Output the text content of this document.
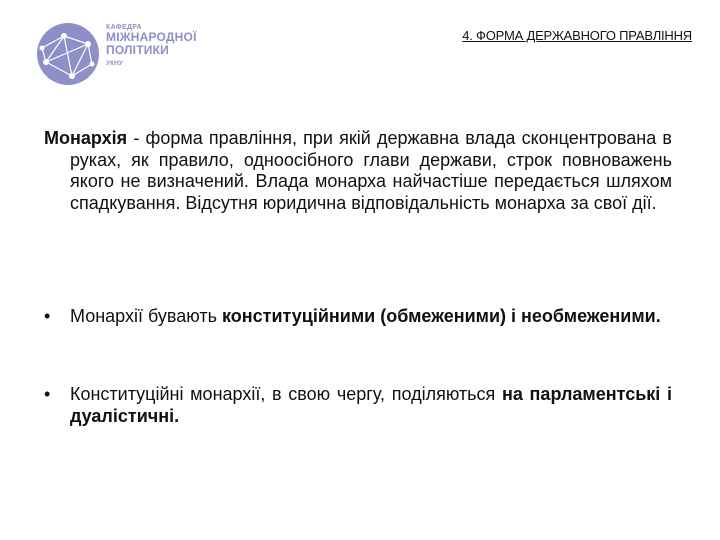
КАФЕДРА
МІЖНАРОДНОЇ
ПОЛІТИКИ
УКНУ
4. ФОРМА ДЕРЖАВНОГО ПРАВЛІННЯ
Монархія - форма правління, при якій державна влада сконцентрована в руках, як правило, одноосібного глави держави, строк повноважень якого не визначений. Влада монарха найчастіше передається шляхом спадкування. Відсутня юридична відповідальність монарха за свої дії.
• Монархії бувають конституційними (обмеженими) і необмеженими.
• Конституційні монархії, в свою чергу, поділяються на парламентські і дуалістичні.
